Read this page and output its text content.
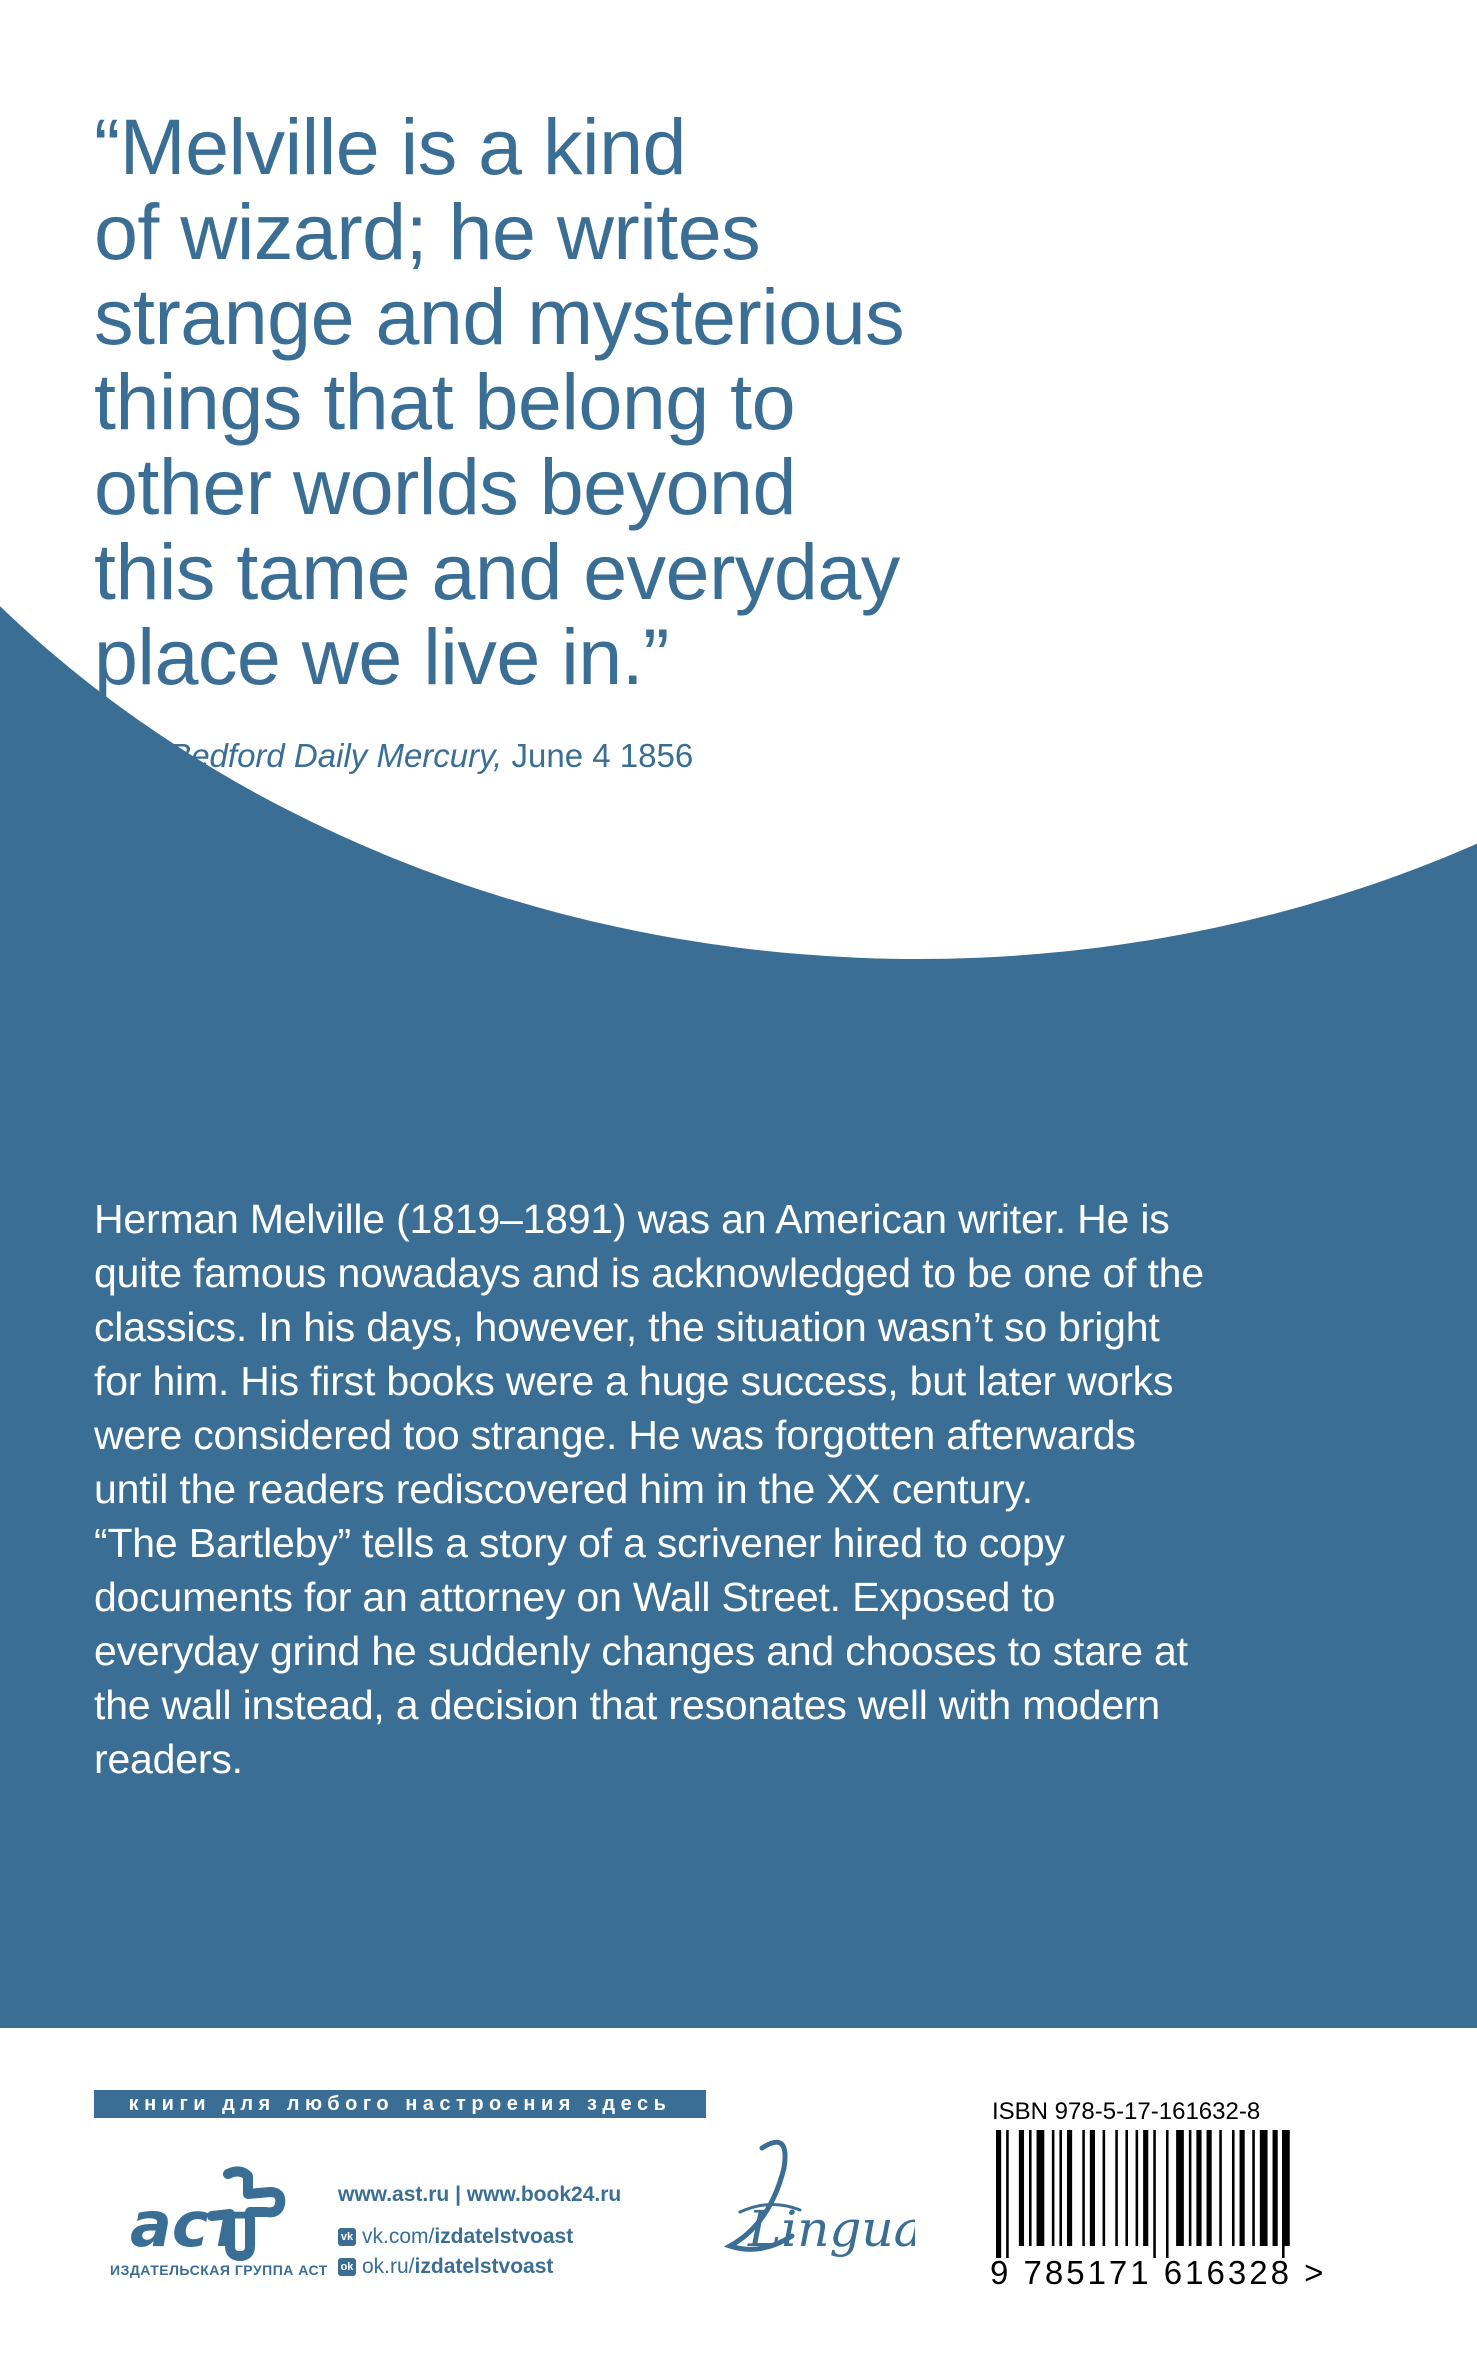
“Melville is a kind
of wizard; he writes
strange and mysterious
things that belong to
other worlds beyond
this tame and everyday
place we live in.”

New Bedford Daily Mercury, June 4 1856

Herman Melville (1819–1891) was an American writer. He is quite famous nowadays and is acknowledged to be one of the classics. In his days, however, the situation wasn’t so bright for him. His first books were a huge success, but later works were considered too strange. He was forgotten afterwards until the readers rediscovered him in the XX century.

“The Bartleby” tells a story of a scrivener hired to copy documents for an attorney on Wall Street. Exposed to everyday grind he suddenly changes and chooses to stare at the wall instead, a decision that resonates well with modern readers.

книги для любого настроения здесь
аст
ИЗДАТЕЛЬСКАЯ ГРУППА АСТ
www.ast.ru | www.book24.ru
vk vk.com/ izdatelstvoast
ok ok.ru/ izdatelstvoast
Lingua
ISBN 978-5-17-161632-8
9 785171 616328 >
